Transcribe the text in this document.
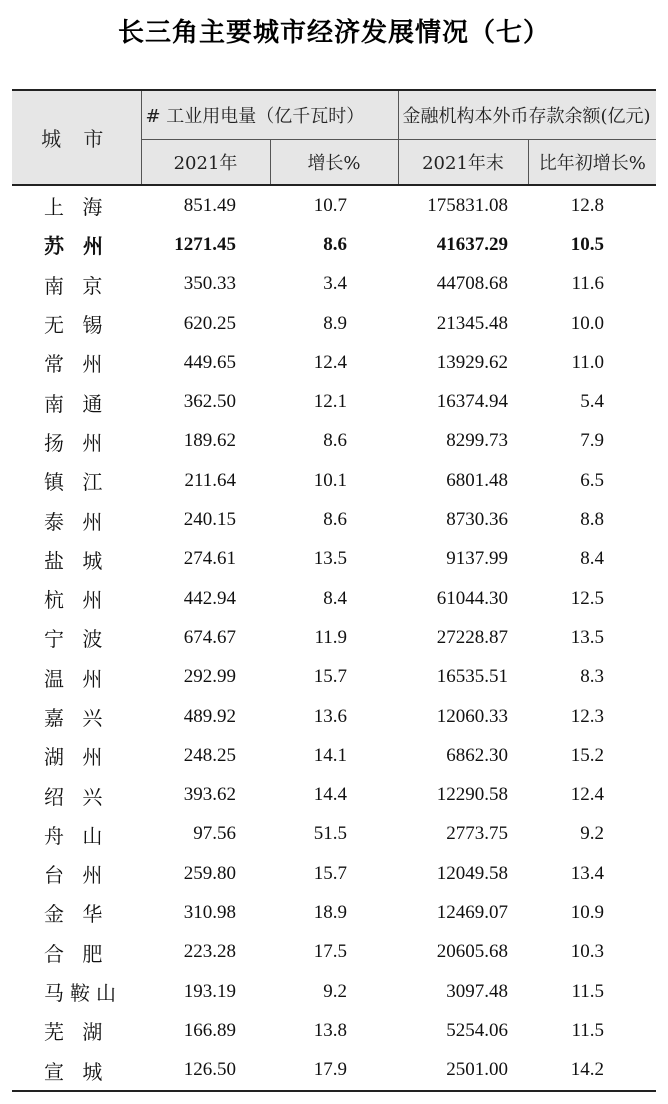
长三角主要城市经济发展情况（七）
城 市	# 工业用电量（亿千瓦时）		金融机构本外币存款余额(亿元)	
	2021年	增长%	2021年末	比年初增长%
上 海	851.49	10.7	175831.08	12.8
苏 州	1271.45	8.6	41637.29	10.5
南 京	350.33	3.4	44708.68	11.6
无 锡	620.25	8.9	21345.48	10.0
常 州	449.65	12.4	13929.62	11.0
南 通	362.50	12.1	16374.94	5.4
扬 州	189.62	8.6	8299.73	7.9
镇 江	211.64	10.1	6801.48	6.5
泰 州	240.15	8.6	8730.36	8.8
盐 城	274.61	13.5	9137.99	8.4
杭 州	442.94	8.4	61044.30	12.5
宁 波	674.67	11.9	27228.87	13.5
温 州	292.99	15.7	16535.51	8.3
嘉 兴	489.92	13.6	12060.33	12.3
湖 州	248.25	14.1	6862.30	15.2
绍 兴	393.62	14.4	12290.58	12.4
舟 山	97.56	51.5	2773.75	9.2
台 州	259.80	15.7	12049.58	13.4
金 华	310.98	18.9	12469.07	10.9
合 肥	223.28	17.5	20605.68	10.3
马鞍山	193.19	9.2	3097.48	11.5
芜 湖	166.89	13.8	5254.06	11.5
宣 城	126.50	17.9	2501.00	14.2
